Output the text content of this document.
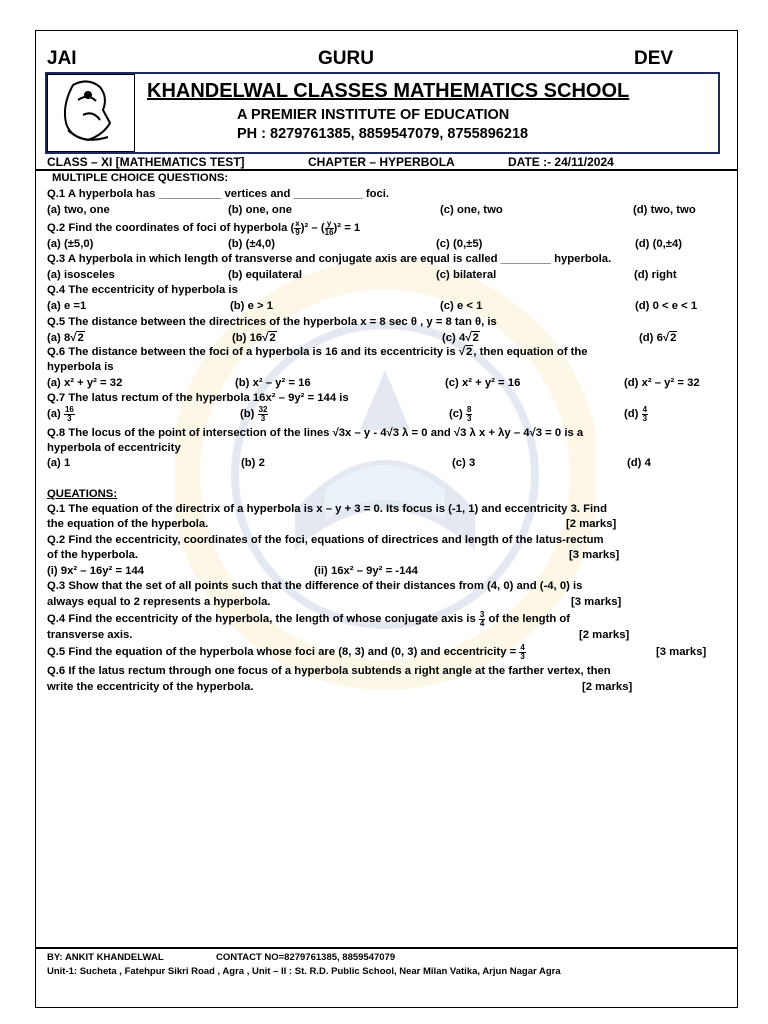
JAI	GURU	DEV
KHANDELWAL CLASSES MATHEMATICS SCHOOL
A PREMIER INSTITUTE OF EDUCATION
PH : 8279761385, 8859547079, 8755896218
CLASS – XI [MATHEMATICS TEST]	CHAPTER – HYPERBOLA	DATE :- 24/11/2024
MULTIPLE CHOICE QUESTIONS:
Q.1 A hyperbola has __________ vertices and ___________ foci.
(a) two, one	(b) one, one	(c) one, two	(d) two, two
Q.2 Find the coordinates of foci of hyperbola ( $\frac{x}{9} )^2$ – ( $\frac{y}{16} )^2 = 1$
(a) (±5,0)	(b) (±4,0)	(c) (0,±5)	(d) (0,±4)
Q.3 A hyperbola in which length of transverse and conjugate axis are equal is called ________ hyperbola.
(a) isosceles	(b) equilateral	(c) bilateral	(d) right
Q.4 The eccentricity of hyperbola is
(a) e =1	(b) e > 1	(c) e < 1	(d) 0 < e < 1
Q.5 The distance between the directrices of the hyperbola x = 8 sec θ , y = 8 tan θ, is
(a) 8√2	(b) 16√2	(c) 4√2	(d) 6√2
Q.6 The distance between the foci of a hyperbola is 16 and its eccentricity is √2, then equation of the
hyperbola is
(a) x² + y² = 32	(b) x² – y² = 16	(c) x² + y² = 16	(d) x² – y² = 32
Q.7 The latus rectum of the hyperbola 16x² – 9y² = 144 is
$(a) \frac{16}{3}$	$(b) \frac{32}{3}$	$(c) \frac{8}{3}$	$(d) \frac{4}{3}$
Q.8 The locus of the point of intersection of the lines √3x – y - 4√3 λ = 0 and √3 λ x + λy – 4√3 = 0 is a
hyperbola of eccentricity
(a) 1	(b) 2	(c) 3	(d) 4
QUEATIONS:
Q.1 The equation of the directrix of a hyperbola is x – y + 3 = 0. Its focus is (-1, 1) and eccentricity 3. Find
the equation of the hyperbola.	[2 marks]
Q.2 Find the eccentricity, coordinates of the foci, equations of directrices and length of the latus-rectum
of the hyperbola.	[3 marks]
(i) 9x² – 16y² = 144	(ii) 16x² – 9y² = -144
Q.3 Show that the set of all points such that the difference of their distances from (4, 0) and (-4, 0) is
always equal to 2 represents a hyperbola.	[3 marks]
Q.4 Find the eccentricity of the hyperbola, the length of whose conjugate axis is $\frac{3}{4}$ of the length of
transverse axis.	[2 marks]
Q.5 Find the equation of the hyperbola whose foci are (8, 3) and (0, 3) and eccentricity = $\frac{4}{3}$	[3 marks]
Q.6 If the latus rectum through one focus of a hyperbola subtends a right angle at the farther vertex, then
write the eccentricity of the hyperbola.	[2 marks]
BY: ANKIT KHANDELWAL	CONTACT NO=8279761385, 8859547079
Unit-1: Sucheta , Fatehpur Sikri Road , Agra , Unit – II : St. R.D. Public School, Near Milan Vatika, Arjun Nagar Agra
